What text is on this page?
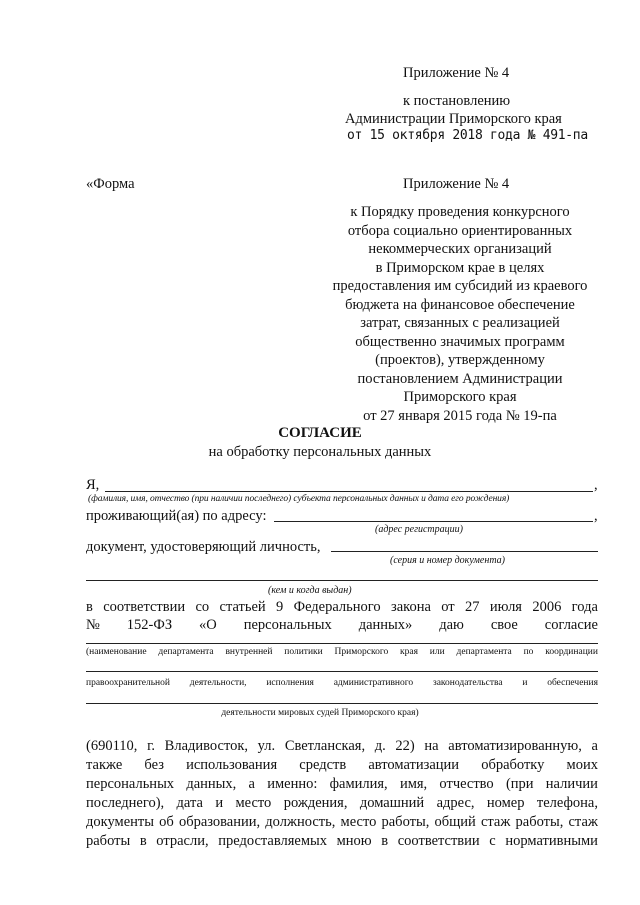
Приложение № 4
к постановлению
Администрации Приморского края
от 15 октября 2018 года № 491-па
«Форма	Приложение № 4
к Порядку проведения конкурсного
отбора социально ориентированных
некоммерческих организаций
в Приморском крае в целях
предоставления им субсидий из краевого
бюджета на финансовое обеспечение
затрат, связанных с реализацией
общественно значимых программ
(проектов), утвержденному
постановлением Администрации
Приморского края
от 27 января 2015 года № 19-па
СОГЛАСИЕ
на обработку персональных данных
Я,	,
(фамилия, имя, отчество (при наличии последнего) субъекта персональных данных и дата его рождения)
проживающий(ая) по адресу:	,
(адрес регистрации)
документ, удостоверяющий личность,
(серия и номер документа)
(кем и когда выдан)
в соответствии со статьей 9 Федерального закона от 27 июля 2006 года
№ 152-ФЗ «О персональных данных» даю свое согласие
(наименование департамента внутренней политики Приморского края или департамента по координации
правоохранительной деятельности, исполнения административного законодательства и обеспечения
деятельности мировых судей Приморского края)
(690110, г. Владивосток, ул. Светланская, д. 22) на автоматизированную, а
также без использования средств автоматизации обработку моих
персональных данных, а именно: фамилия, имя, отчество (при наличии
последнего), дата и место рождения, домашний адрес, номер телефона,
документы об образовании, должность, место работы, общий стаж работы, стаж
работы в отрасли, предоставляемых мною в соответствии с нормативными
